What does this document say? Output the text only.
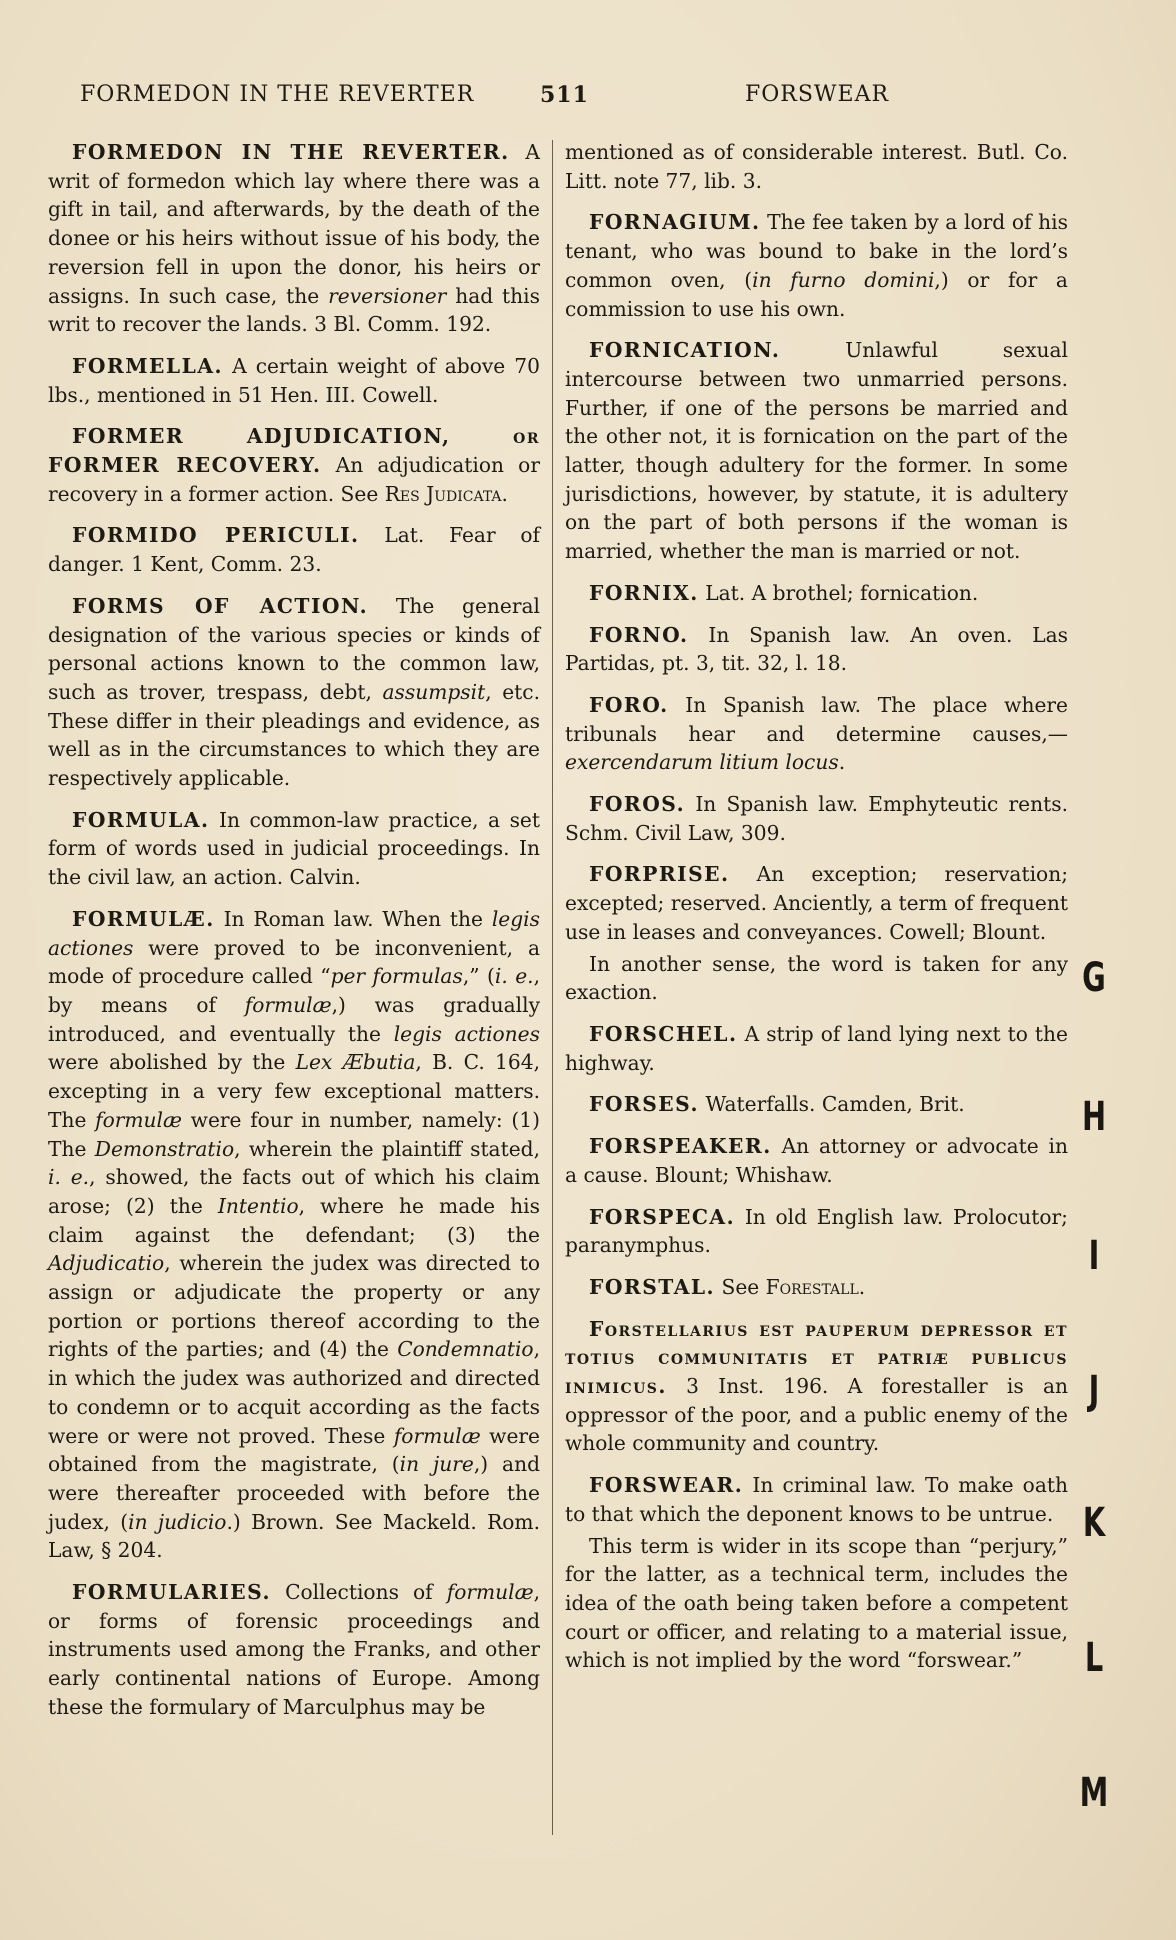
FORMEDON IN THE REVERTER	511	FORSWEAR

FORMEDON IN THE REVERTER. A writ of formedon which lay where there was a gift in tail, and afterwards, by the death of the donee or his heirs without issue of his body, the reversion fell in upon the donor, his heirs or assigns. In such case, the reversioner had this writ to recover the lands. 3 Bl. Comm. 192.

FORMELLA. A certain weight of above 70 lbs., mentioned in 51 Hen. III. Cowell.

FORMER ADJUDICATION, or FORMER RECOVERY. An adjudication or recovery in a former action. See Res Judicata.

FORMIDO PERICULI. Lat. Fear of danger. 1 Kent, Comm. 23.

FORMS OF ACTION. The general designation of the various species or kinds of personal actions known to the common law, such as trover, trespass, debt, assumpsit, etc. These differ in their pleadings and evidence, as well as in the circumstances to which they are respectively applicable.

FORMULA. In common-law practice, a set form of words used in judicial proceedings. In the civil law, an action. Calvin.

FORMULÆ. In Roman law. When the legis actiones were proved to be inconvenient, a mode of procedure called “per formulas,” (i. e., by means of formulæ,) was gradually introduced, and eventually the legis actiones were abolished by the Lex Æbutia, B. C. 164, excepting in a very few exceptional matters. The formulæ were four in number, namely: (1) The Demonstratio, wherein the plaintiff stated, i. e., showed, the facts out of which his claim arose; (2) the Intentio, where he made his claim against the defendant; (3) the Adjudicatio, wherein the judex was directed to assign or adjudicate the property or any portion or portions thereof according to the rights of the parties; and (4) the Condemnatio, in which the judex was authorized and directed to condemn or to acquit according as the facts were or were not proved. These formulæ were obtained from the magistrate, (in jure,) and were thereafter proceeded with before the judex, (in judicio.) Brown. See Mackeld. Rom. Law, § 204.

FORMULARIES. Collections of formulæ, or forms of forensic proceedings and instruments used among the Franks, and other early continental nations of Europe. Among these the formulary of Marculphus may be

mentioned as of considerable interest. Butl. Co. Litt. note 77, lib. 3.

FORNAGIUM. The fee taken by a lord of his tenant, who was bound to bake in the lord’s common oven, (in furno domini,) or for a commission to use his own.

FORNICATION. Unlawful sexual intercourse between two unmarried persons. Further, if one of the persons be married and the other not, it is fornication on the part of the latter, though adultery for the former. In some jurisdictions, however, by statute, it is adultery on the part of both persons if the woman is married, whether the man is married or not.

FORNIX. Lat. A brothel; fornication.

FORNO. In Spanish law. An oven. Las Partidas, pt. 3, tit. 32, l. 18.

FORO. In Spanish law. The place where tribunals hear and determine causes,—exercendarum litium locus.

FOROS. In Spanish law. Emphyteutic rents. Schm. Civil Law, 309.

FORPRISE. An exception; reservation; excepted; reserved. Anciently, a term of frequent use in leases and conveyances. Cowell; Blount.

In another sense, the word is taken for any exaction.

FORSCHEL. A strip of land lying next to the highway.

FORSES. Waterfalls. Camden, Brit.

FORSPEAKER. An attorney or advocate in a cause. Blount; Whishaw.

FORSPECA. In old English law. Prolocutor; paranymphus.

FORSTAL. See Forestall.

Forstellarius est pauperum depressor et totius communitatis et patriæ publicus inimicus. 3 Inst. 196. A forestaller is an oppressor of the poor, and a public enemy of the whole community and country.

FORSWEAR. In criminal law. To make oath to that which the deponent knows to be untrue.

This term is wider in its scope than “perjury,” for the latter, as a technical term, includes the idea of the oath being taken before a competent court or officer, and relating to a material issue, which is not implied by the word “forswear.”

G
H
I
J
K
L
M
